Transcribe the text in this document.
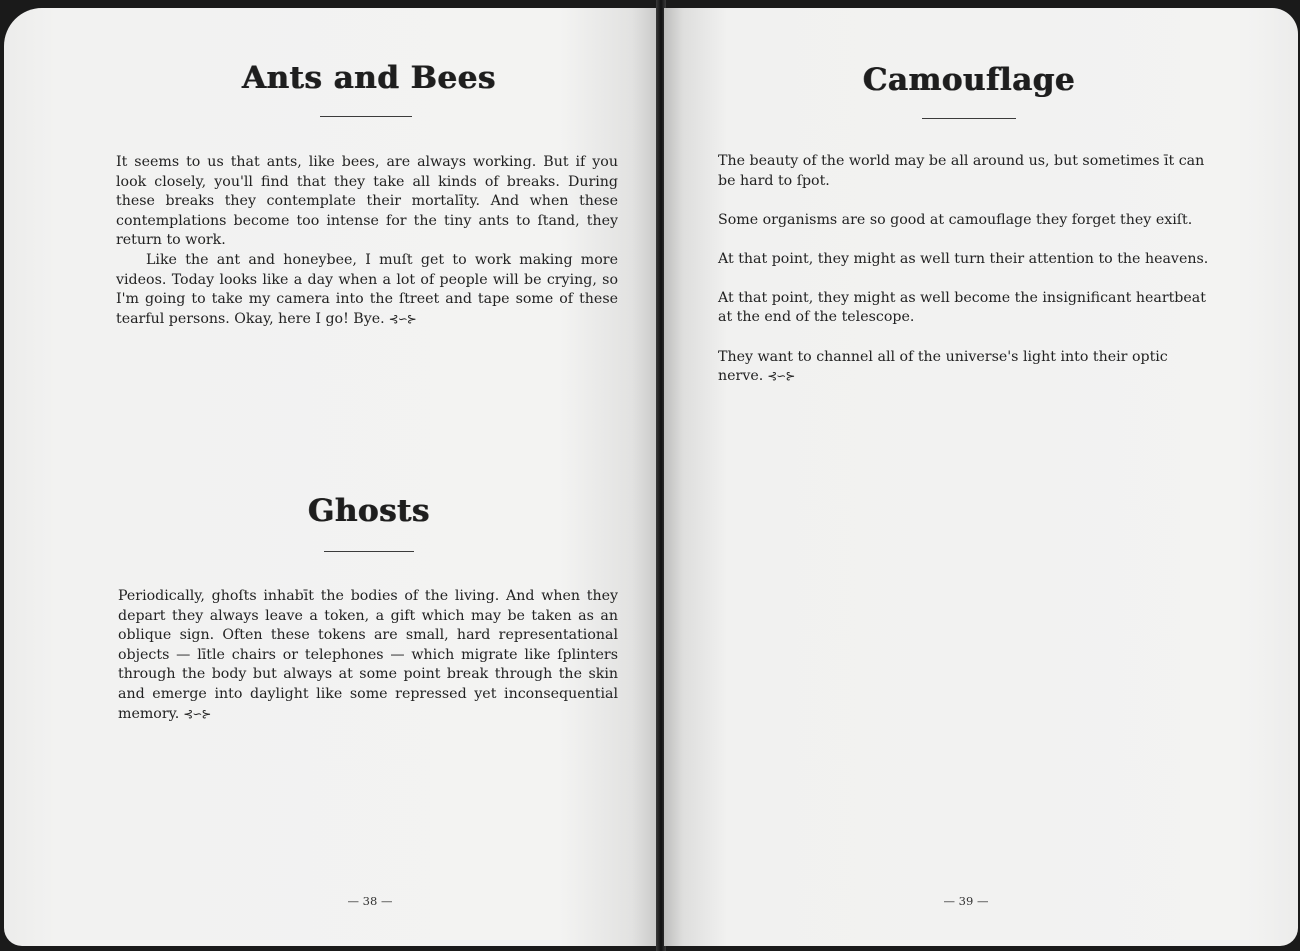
Ants and Bees

It seems to us that ants, like bees, are always working. But if you look closely, you'll find that they take all kinds of breaks. During these breaks they contemplate their mortalīty. And when these contemplations become too intense for the tiny ants to ſtand, they return to work.

Like the ant and honeybee, I muſt get to work making more videos. Today looks like a day when a lot of people will be crying, so I'm going to take my camera into the ſtreet and tape some of these tearful persons. Okay, here I go! Bye. ⊰∽⊱

Ghosts

Periodically, ghoſts inhabīt the bodies of the living. And when they depart they always leave a token, a gift which may be taken as an oblique sign. Often these tokens are small, hard representational objects — lītle chairs or telephones — which migrate like ſplinters through the body but always at some point break through the skin and emerge into daylight like some repressed yet inconsequential memory. ⊰∽⊱

— 38 —
Camouflage

The beauty of the world may be all around us, but sometimes īt can be hard to ſpot.

Some organisms are so good at camouflage they forget they exiſt.

At that point, they might as well turn their attention to the heavens.

At that point, they might as well become the insignificant heartbeat at the end of the telescope.

They want to channel all of the universe's light into their optic nerve. ⊰∽⊱

— 39 —
